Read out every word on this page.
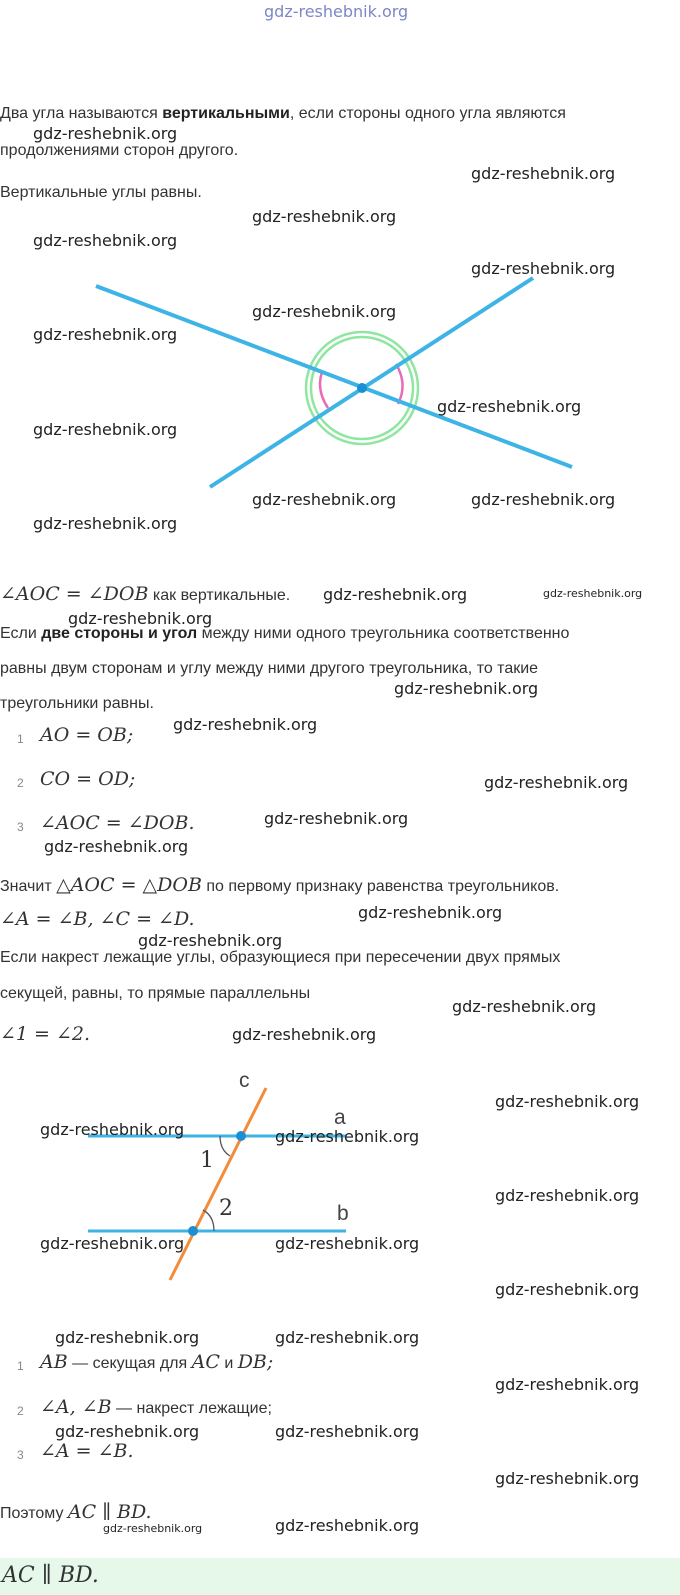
gdz-reshebnik.org
Два угла называются вертикальными, если стороны одного угла являются
продолжениями сторон другого.
Вертикальные углы равны.
∠AOC = ∠DOB как вертикальные.
Если две стороны и угол между ними одного треугольника соответственно
равны двум сторонам и углу между ними другого треугольника, то такие
треугольники равны.
1 AO = OB;
2 CO = OD;
3 ∠AOC = ∠DOB.
Значит △AOC = △DOB по первому признаку равенства треугольников.
∠A = ∠B, ∠C = ∠D.
Если накрест лежащие углы, образующиеся при пересечении двух прямых
секущей, равны, то прямые параллельны
∠1 = ∠2.
c
a
b
1
2
1 AB — секущая для AC и DB;
2 ∠A, ∠B — накрест лежащие;
3 ∠A = ∠B.
Поэтому AC ∥ BD.
AC ∥ BD.
gdz-reshebnik.org
gdz-reshebnik.org
gdz-reshebnik.org
gdz-reshebnik.org
gdz-reshebnik.org
gdz-reshebnik.org
gdz-reshebnik.org
gdz-reshebnik.org
gdz-reshebnik.org
gdz-reshebnik.org	gdz-reshebnik.org
gdz-reshebnik.org
gdz-reshebnik.org	gdz-reshebnik.org
gdz-reshebnik.org
gdz-reshebnik.org
gdz-reshebnik.org
gdz-reshebnik.org
gdz-reshebnik.org
gdz-reshebnik.org
gdz-reshebnik.org
gdz-reshebnik.org
gdz-reshebnik.org
gdz-reshebnik.org
gdz-reshebnik.org
gdz-reshebnik.org	gdz-reshebnik.org
gdz-reshebnik.org
gdz-reshebnik.org	gdz-reshebnik.org
gdz-reshebnik.org
gdz-reshebnik.org	gdz-reshebnik.org
gdz-reshebnik.org
gdz-reshebnik.org	gdz-reshebnik.org
gdz-reshebnik.org
gdz-reshebnik.org	gdz-reshebnik.org
